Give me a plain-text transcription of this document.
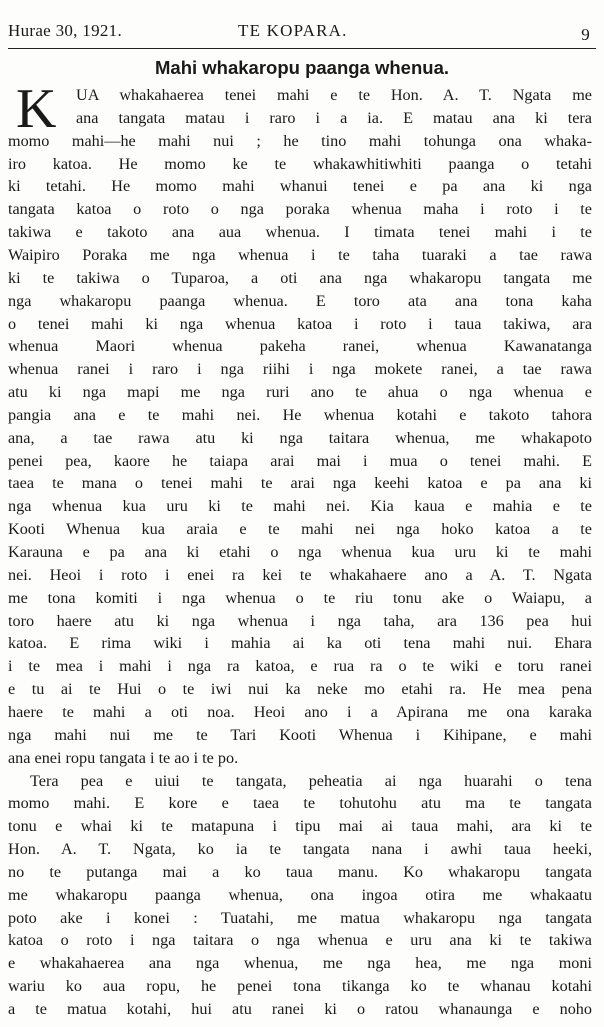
Hurae 30, 1921.	TE KOPARA.	9
Mahi whakaropu paanga whenua.
K UA whakahaerea tenei mahi e te Hon. A. T. Ngata me
ana tangata matau i raro i a ia. E matau ana ki tera
momo mahi—he mahi nui ; he tino mahi tohunga ona whaka-
iro katoa. He momo ke te whakawhitiwhiti paanga o tetahi
ki tetahi. He momo mahi whanui tenei e pa ana ki nga
tangata katoa o roto o nga poraka whenua maha i roto i te
takiwa e takoto ana aua whenua. I timata tenei mahi i te
Waipiro Poraka me nga whenua i te taha tuaraki a tae rawa
ki te takiwa o Tuparoa, a oti ana nga whakaropu tangata me
nga whakaropu paanga whenua. E toro ata ana tona kaha
o tenei mahi ki nga whenua katoa i roto i taua takiwa, ara
whenua Maori whenua pakeha ranei, whenua Kawanatanga
whenua ranei i raro i nga riihi i nga mokete ranei, a tae rawa
atu ki nga mapi me nga ruri ano te ahua o nga whenua e
pangia ana e te mahi nei. He whenua kotahi e takoto tahora
ana, a tae rawa atu ki nga taitara whenua, me whakapoto
penei pea, kaore he taiapa arai mai i mua o tenei mahi. E
taea te mana o tenei mahi te arai nga keehi katoa e pa ana ki
nga whenua kua uru ki te mahi nei. Kia kaua e mahia e te
Kooti Whenua kua araia e te mahi nei nga hoko katoa a te
Karauna e pa ana ki etahi o nga whenua kua uru ki te mahi
nei. Heoi i roto i enei ra kei te whakahaere ano a A. T. Ngata
me tona komiti i nga whenua o te riu tonu ake o Waiapu, a
toro haere atu ki nga whenua i nga taha, ara 136 pea hui
katoa. E rima wiki i mahia ai ka oti tena mahi nui. Ehara
i te mea i mahi i nga ra katoa, e rua ra o te wiki e toru ranei
e tu ai te Hui o te iwi nui ka neke mo etahi ra. He mea pena
haere te mahi a oti noa. Heoi ano i a Apirana me ona karaka
nga mahi nui me te Tari Kooti Whenua i Kihipane, e mahi
ana enei ropu tangata i te ao i te po.
Tera pea e uiui te tangata, peheatia ai nga huarahi o tena
momo mahi. E kore e taea te tohutohu atu ma te tangata
tonu e whai ki te matapuna i tipu mai ai taua mahi, ara ki te
Hon. A. T. Ngata, ko ia te tangata nana i awhi taua heeki,
no te putanga mai a ko taua manu. Ko whakaropu tangata
me whakaropu paanga whenua, ona ingoa otira me whakaatu
poto ake i konei : Tuatahi, me matua whakaropu nga tangata
katoa o roto i nga taitara o nga whenua e uru ana ki te takiwa
e whakahaerea ana nga whenua, me nga hea, me nga moni
wariu ko aua ropu, he penei tona tikanga ko te whanau kotahi
a te matua kotahi, hui atu ranei ki o ratou whanaunga e noho
